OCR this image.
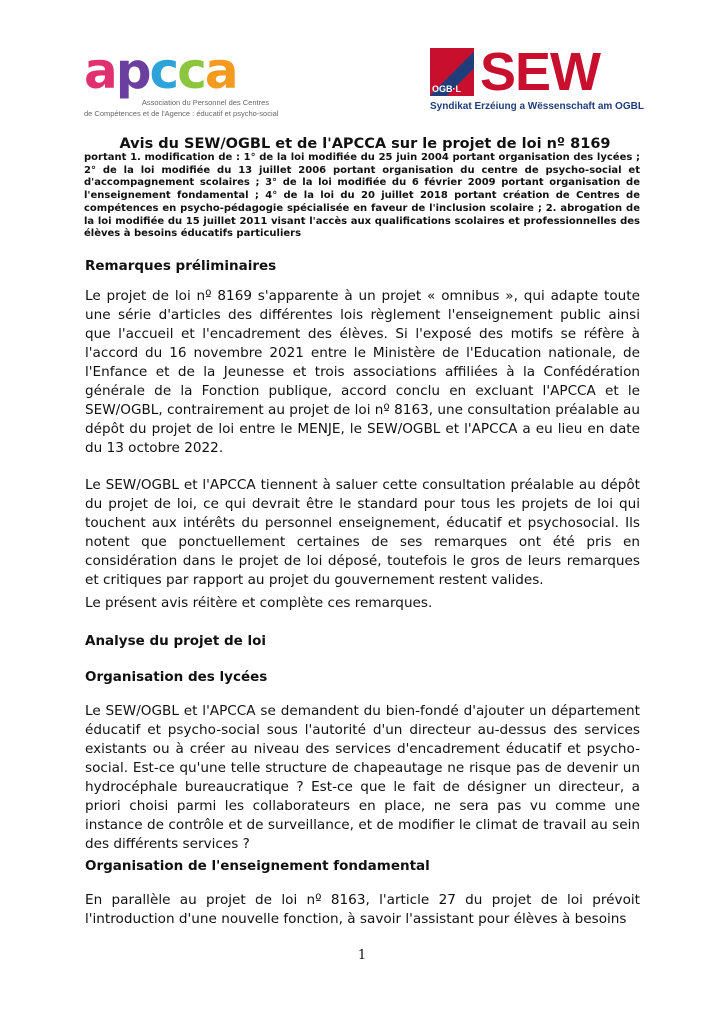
a p c c a
Association du Personnel des Centres
de Compétences et de l'Agence : éducatif et psycho-social
OGB·L SEW
Syndikat Erzéiung a Wëssenschaft am OGBL
Avis du SEW/OGBL et de l'APCCA sur le projet de loi nº 8169
portant 1. modification de : 1° de la loi modifiée du 25 juin 2004 portant organisation des lycées ; 2° de la loi modifiée du 13 juillet 2006 portant organisation du centre de psycho-social et d'accompagnement scolaires ; 3° de la loi modifiée du 6 février 2009 portant organisation de l'enseignement fondamental ; 4° de la loi du 20 juillet 2018 portant création de Centres de compétences en psycho-pédagogie spécialisée en faveur de l'inclusion scolaire ; 2. abrogation de la loi modifiée du 15 juillet 2011 visant l'accès aux qualifications scolaires et professionnelles des élèves à besoins éducatifs particuliers
Remarques préliminaires
Le projet de loi nº 8169 s'apparente à un projet « omnibus », qui adapte toute une série d'articles des différentes lois règlement l'enseignement public ainsi que l'accueil et l'encadrement des élèves. Si l'exposé des motifs se réfère à l'accord du 16 novembre 2021 entre le Ministère de l'Education nationale, de l'Enfance et de la Jeunesse et trois associations affiliées à la Confédération générale de la Fonction publique, accord conclu en excluant l'APCCA et le SEW/OGBL, contrairement au projet de loi nº 8163, une consultation préalable au dépôt du projet de loi entre le MENJE, le SEW/OGBL et l'APCCA a eu lieu en date du 13 octobre 2022.
Le SEW/OGBL et l'APCCA tiennent à saluer cette consultation préalable au dépôt du projet de loi, ce qui devrait être le standard pour tous les projets de loi qui touchent aux intérêts du personnel enseignement, éducatif et psychosocial. Ils notent que ponctuellement certaines de ses remarques ont été pris en considération dans le projet de loi déposé, toutefois le gros de leurs remarques et critiques par rapport au projet du gouvernement restent valides.
Le présent avis réitère et complète ces remarques.
Analyse du projet de loi
Organisation des lycées
Le SEW/OGBL et l'APCCA se demandent du bien-fondé d'ajouter un département éducatif et psycho-social sous l'autorité d'un directeur au-dessus des services existants ou à créer au niveau des services d'encadrement éducatif et psycho-social. Est-ce qu'une telle structure de chapeautage ne risque pas de devenir un hydrocéphale bureaucratique ? Est-ce que le fait de désigner un directeur, a priori choisi parmi les collaborateurs en place, ne sera pas vu comme une instance de contrôle et de surveillance, et de modifier le climat de travail au sein des différents services ?
Organisation de l'enseignement fondamental
En parallèle au projet de loi nº 8163, l'article 27 du projet de loi prévoit l'introduction d'une nouvelle fonction, à savoir l'assistant pour élèves à besoins
1
